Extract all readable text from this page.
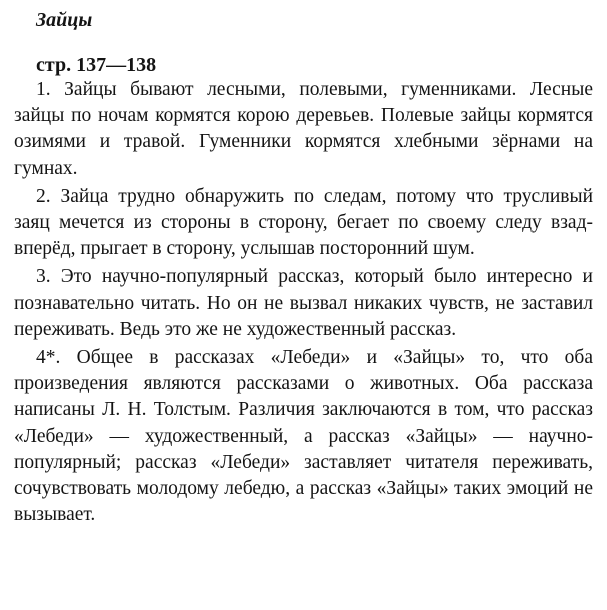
Зайцы
стр. 137—138

1. Зайцы бывают лесными, полевыми, гуменниками. Лесные зайцы по ночам кормятся корою деревьев. Полевые зайцы кормятся озимями и травой. Гуменники кормятся хлебными зёрнами на гумнах.

2. Зайца трудно обнаружить по следам, потому что трусливый заяц мечется из стороны в сторону, бегает по своему следу взад-вперёд, прыгает в сторону, услышав посторонний шум.

3. Это научно-популярный рассказ, который было интересно и познавательно читать. Но он не вызвал никаких чувств, не заставил переживать. Ведь это же не художественный рассказ.

4*. Общее в рассказах «Лебеди» и «Зайцы» то, что оба произведения являются рассказами о животных. Оба рассказа написаны Л. Н. Толстым. Различия заключаются в том, что рассказ «Лебеди» — художественный, а рассказ «Зайцы» — научно-популярный; рассказ «Лебеди» заставляет читателя переживать, сочувствовать молодому лебедю, а рассказ «Зайцы» таких эмоций не вызывает.
